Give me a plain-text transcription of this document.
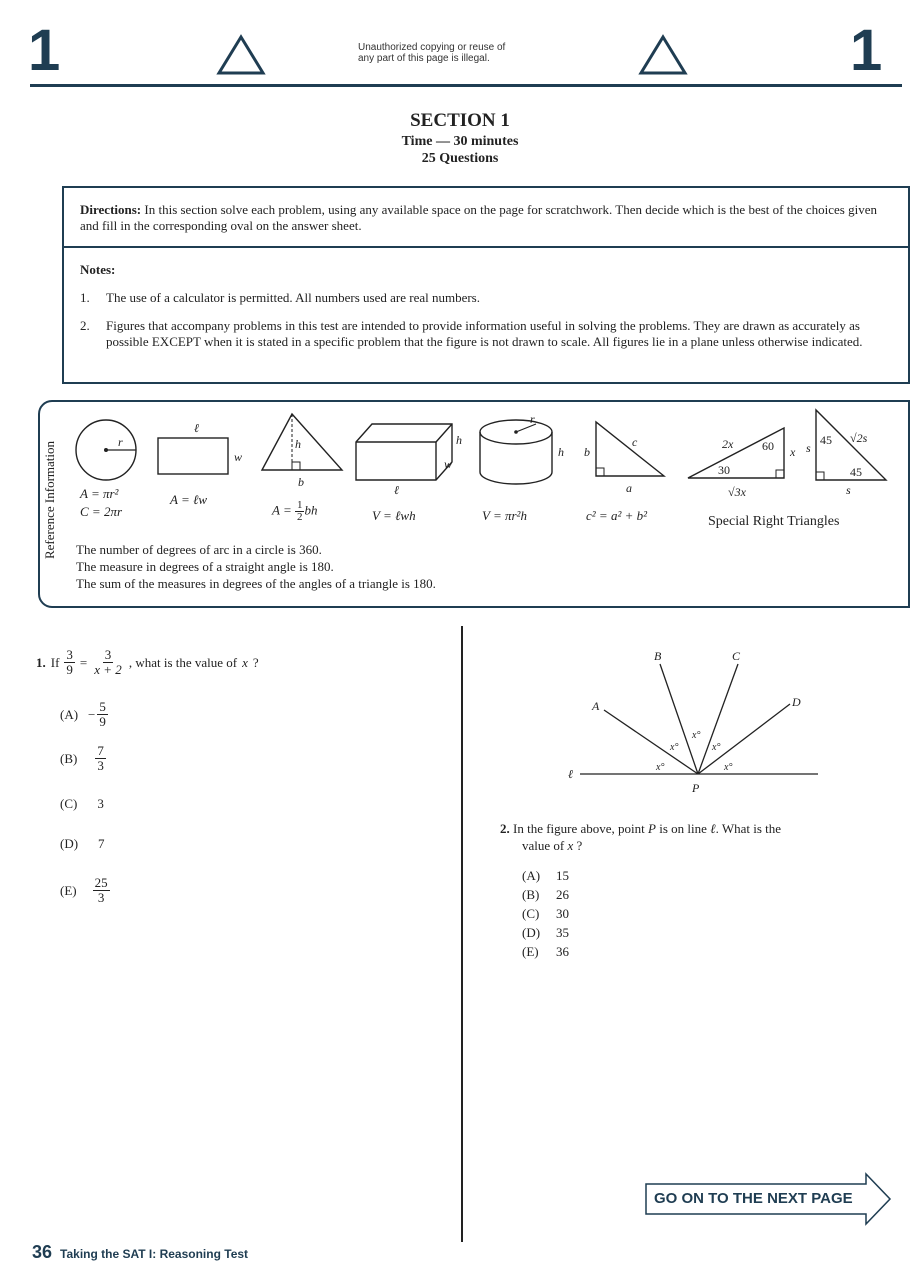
1	Unauthorized copying or reuse of
any part of this page is illegal.	1
SECTION 1
Time — 30 minutes
25 Questions
Directions: In this section solve each problem, using any available space on the page for scratchwork. Then decide which is the best of the choices given and fill in the corresponding oval on the answer sheet.
Notes:
1. The use of a calculator is permitted. All numbers used are real numbers.
2.	Figures that accompany problems in this test are intended to provide information useful in solving the problems. They are drawn as accurately as possible EXCEPT when it is stated in a specific problem that the figure is not drawn to scale. All figures lie in a plane unless otherwise indicated.
Reference Information	r
ℓ
w
h
b
h
w
ℓ
r
h b
c
a
2x 60
30
x
√3x
45
45
s
s
√2s
A = πr²
C = 2πr
A = ℓw
$A = \frac{1}{2}$ bh	V = ℓwh	V = πr²h	c² = a² + b²	Special Right Triangles
The number of degrees of arc in a circle is 360.
The measure in degrees of a straight angle is 180.
The sum of the measures in degrees of the angles of a triangle is 180.
1. If $\frac{3}{9} = \frac{3}{x + 2}$ , what is the value of x ?
$(A) - \frac{5}{9}$
$(B) \frac{7}{3}$
(C) 3
(D) 7
$(E) \frac{25}{3}$
A
B	C
D
P
ℓ	x°
x°
x°
x°
x°
2. In the figure above, point P is on line ℓ. What is the
value of x ?
(A) 15
(B) 26
(C) 30
(D) 35
(E) 36
GO ON TO THE NEXT PAGE
36 Taking the SAT I: Reasoning Test
